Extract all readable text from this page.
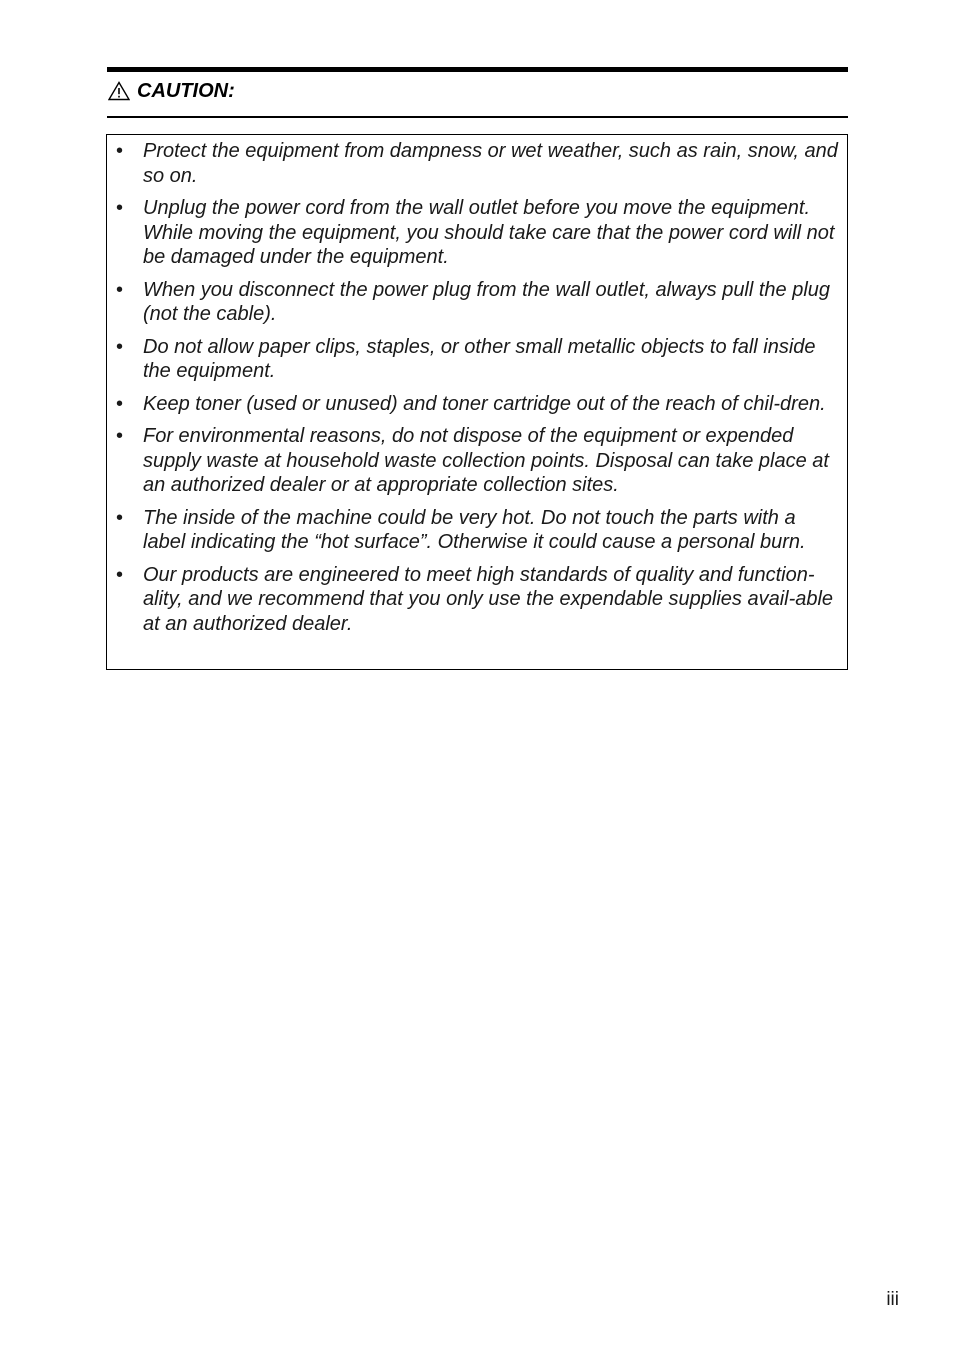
CAUTION:
• Protect the equipment from dampness or wet weather, such as rain, snow, and so on.
• Unplug the power cord from the wall outlet before you move the equipment. While moving the equipment, you should take care that the power cord will not be damaged under the equipment.
• When you disconnect the power plug from the wall outlet, always pull the plug (not the cable).
• Do not allow paper clips, staples, or other small metallic objects to fall inside the equipment.
• Keep toner (used or unused) and toner cartridge out of the reach of chil-dren.
• For environmental reasons, do not dispose of the equipment or expended supply waste at household waste collection points. Disposal can take place at an authorized dealer or at appropriate collection sites.
• The inside of the machine could be very hot. Do not touch the parts with a label indicating the “hot surface”. Otherwise it could cause a personal burn.
• Our products are engineered to meet high standards of quality and function-ality, and we recommend that you only use the expendable supplies avail-able at an authorized dealer.
iii
